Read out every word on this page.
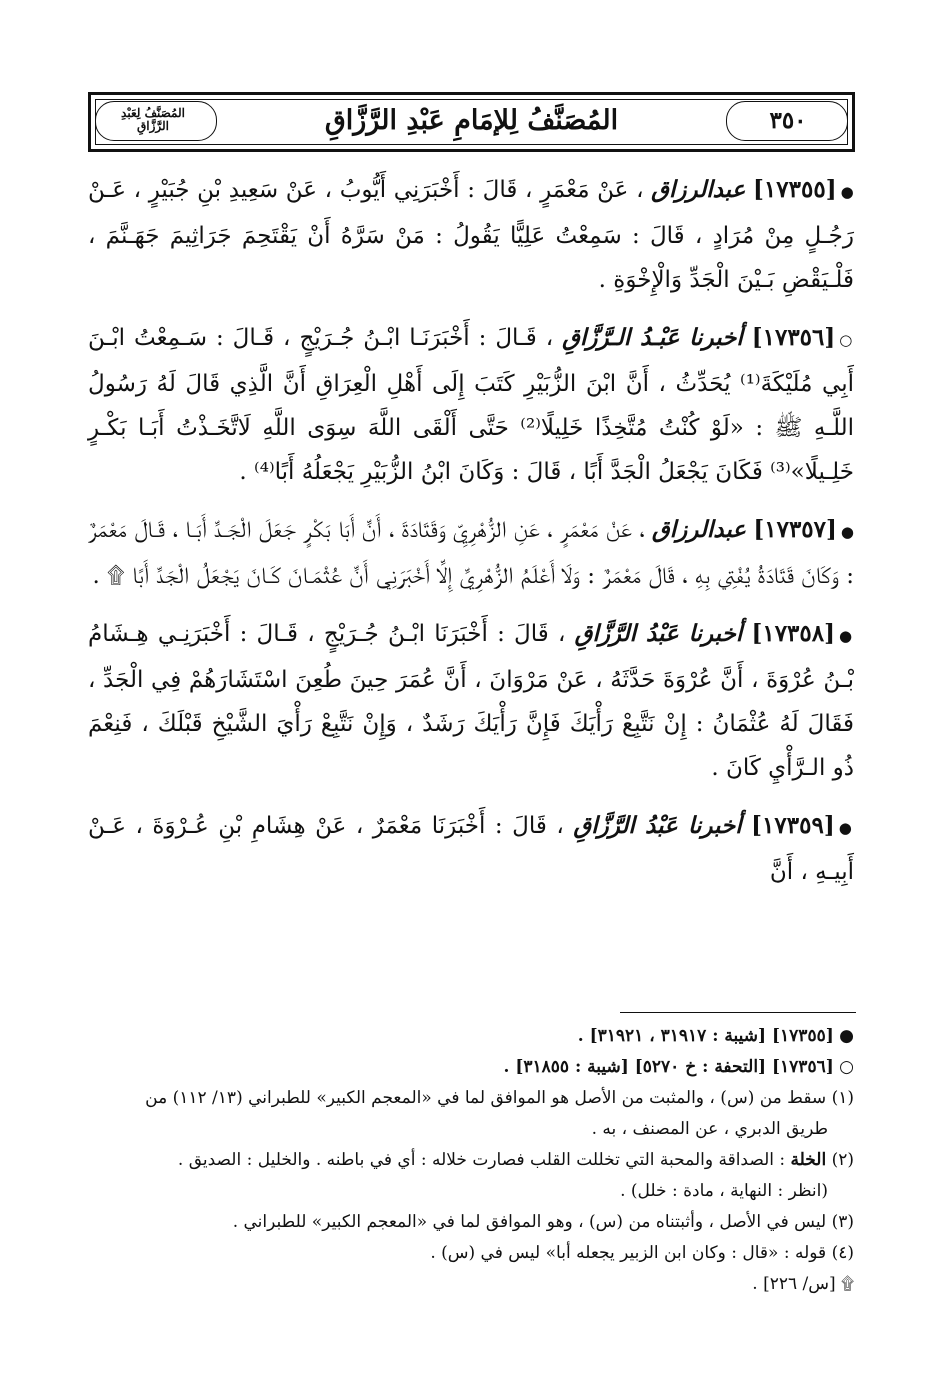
٣٥٠
المُصَنَّفُ لِلإمَامِ عَبْدِ الرَّزَّاقِ
المُصَنَّفُ لِعَبْدِ الرَّزَّاقِ

●[١٧٣٥٥] عبدالرزاق ، عَنْ مَعْمَرٍ ، قَالَ : أَخْبَرَنِي أَيُّوبُ ، عَنْ سَعِيدِ بْنِ جُبَيْرٍ ، عَـنْ رَجُـلٍ مِنْ مُرَادٍ ، قَالَ : سَمِعْتُ عَلِيًّا يَقُولُ : مَنْ سَرَّهُ أَنْ يَقْتَحِمَ جَرَاثِيمَ جَهَـنَّمَ ، فَلْـيَقْضِ بَـيْنَ الْجَدِّ وَالْإِخْوَةِ .

○[١٧٣٥٦] أخبرنا عَبْـدُ الـرَّزَّاقِ ، قَـالَ : أَخْبَرَنَـا ابْـنُ جُـرَيْجٍ ، قَـالَ : سَـمِعْتُ ابْـنَ أَبِي مُلَيْكَةَ⁽¹⁾ يُحَدِّثُ ، أَنَّ ابْنَ الزُّبَيْرِ كَتَبَ إِلَى أَهْلِ الْعِرَاقِ أَنَّ الَّذِي قَالَ لَهُ رَسُولُ اللَّـهِ ﷺ : «لَوْ كُنْتُ مُتَّخِذًا خَلِيلًا⁽²⁾ حَتَّى أَلْقَى اللَّهَ سِوَى اللَّهِ لَاتَّخَـذْتُ أَبَـا بَكْـرٍ خَلِـيلًا»⁽³⁾ فَكَانَ يَجْعَلُ الْجَدَّ أَبًا ، قَالَ : وَكَانَ ابْنُ الزُّبَيْرِ يَجْعَلُهُ أَبًا⁽⁴⁾ .

●[١٧٣٥٧] عبدالرزاق ، عَنْ مَعْمَرٍ ، عَنِ الزُّهْرِيِّ وَقَتَادَةَ ، أَنَّ أَبَا بَكْرٍ جَعَلَ الْجَـدَّ أَبَـا ، قَـالَ مَعْمَرٌ : وَكَانَ قَتَادَةُ يُفْتِي بِهِ ، قَالَ مَعْمَرٌ : وَلَا أَعْلَمُ الزُّهْرِيَّ إِلَّا أَخْبَرَنِي أَنَّ عُثْمَـانَ كَـانَ يَجْعَلُ الْجَدَّ أَبًا ۩ .

●[١٧٣٥٨] أخبرنا عَبْدُ الرَّزَّاقِ ، قَالَ : أَخْبَرَنَا ابْـنُ جُـرَيْجٍ ، قَـالَ : أَخْبَرَنِـي هِـشَامُ بْـنُ عُرْوَةَ ، أَنَّ عُرْوَةَ حَدَّثَهُ ، عَنْ مَرْوَانَ ، أَنَّ عُمَرَ حِينَ طُعِنَ اسْتَشَارَهُمْ فِي الْجَدِّ ، فَقَالَ لَهُ عُثْمَانُ : إِنْ نَتَّبِعْ رَأْيَكَ فَإِنَّ رَأْيَكَ رَشَدٌ ، وَإِنْ نَتَّبِعْ رَأْيَ الشَّيْخِ قَبْلَكَ ، فَنِعْمَ ذُو الـرَّأْيِ كَانَ .

●[١٧٣٥٩] أخبرنا عَبْدُ الرَّزَّاقِ ، قَالَ : أَخْبَرَنَا مَعْمَرٌ ، عَنْ هِشَامِ بْنِ عُـرْوَةَ ، عَـنْ أَبِيـهِ ، أَنَّ

● [١٧٣٥٥] [شيبة : ٣١٩١٧ ، ٣١٩٢١] .

○ [١٧٣٥٦] [التحفة : خ ٥٢٧٠] [شيبة : ٣١٨٥٥] .

(١) سقط من (س) ، والمثبت من الأصل هو الموافق لما في «المعجم الكبير» للطبراني (١٣/ ١١٢) من

طريق الدبري ، عن المصنف ، به .

(٢) الخلة : الصداقة والمحبة التي تخللت القلب فصارت خلاله : أي في باطنه . والخليل : الصديق .

(انظر : النهاية ، مادة : خلل) .

(٣) ليس في الأصل ، وأثبتناه من (س) ، وهو الموافق لما في «المعجم الكبير» للطبراني .

(٤) قوله : «قال : وكان ابن الزبير يجعله أبا» ليس في (س) .

۩ [س/ ٢٢٦] .
